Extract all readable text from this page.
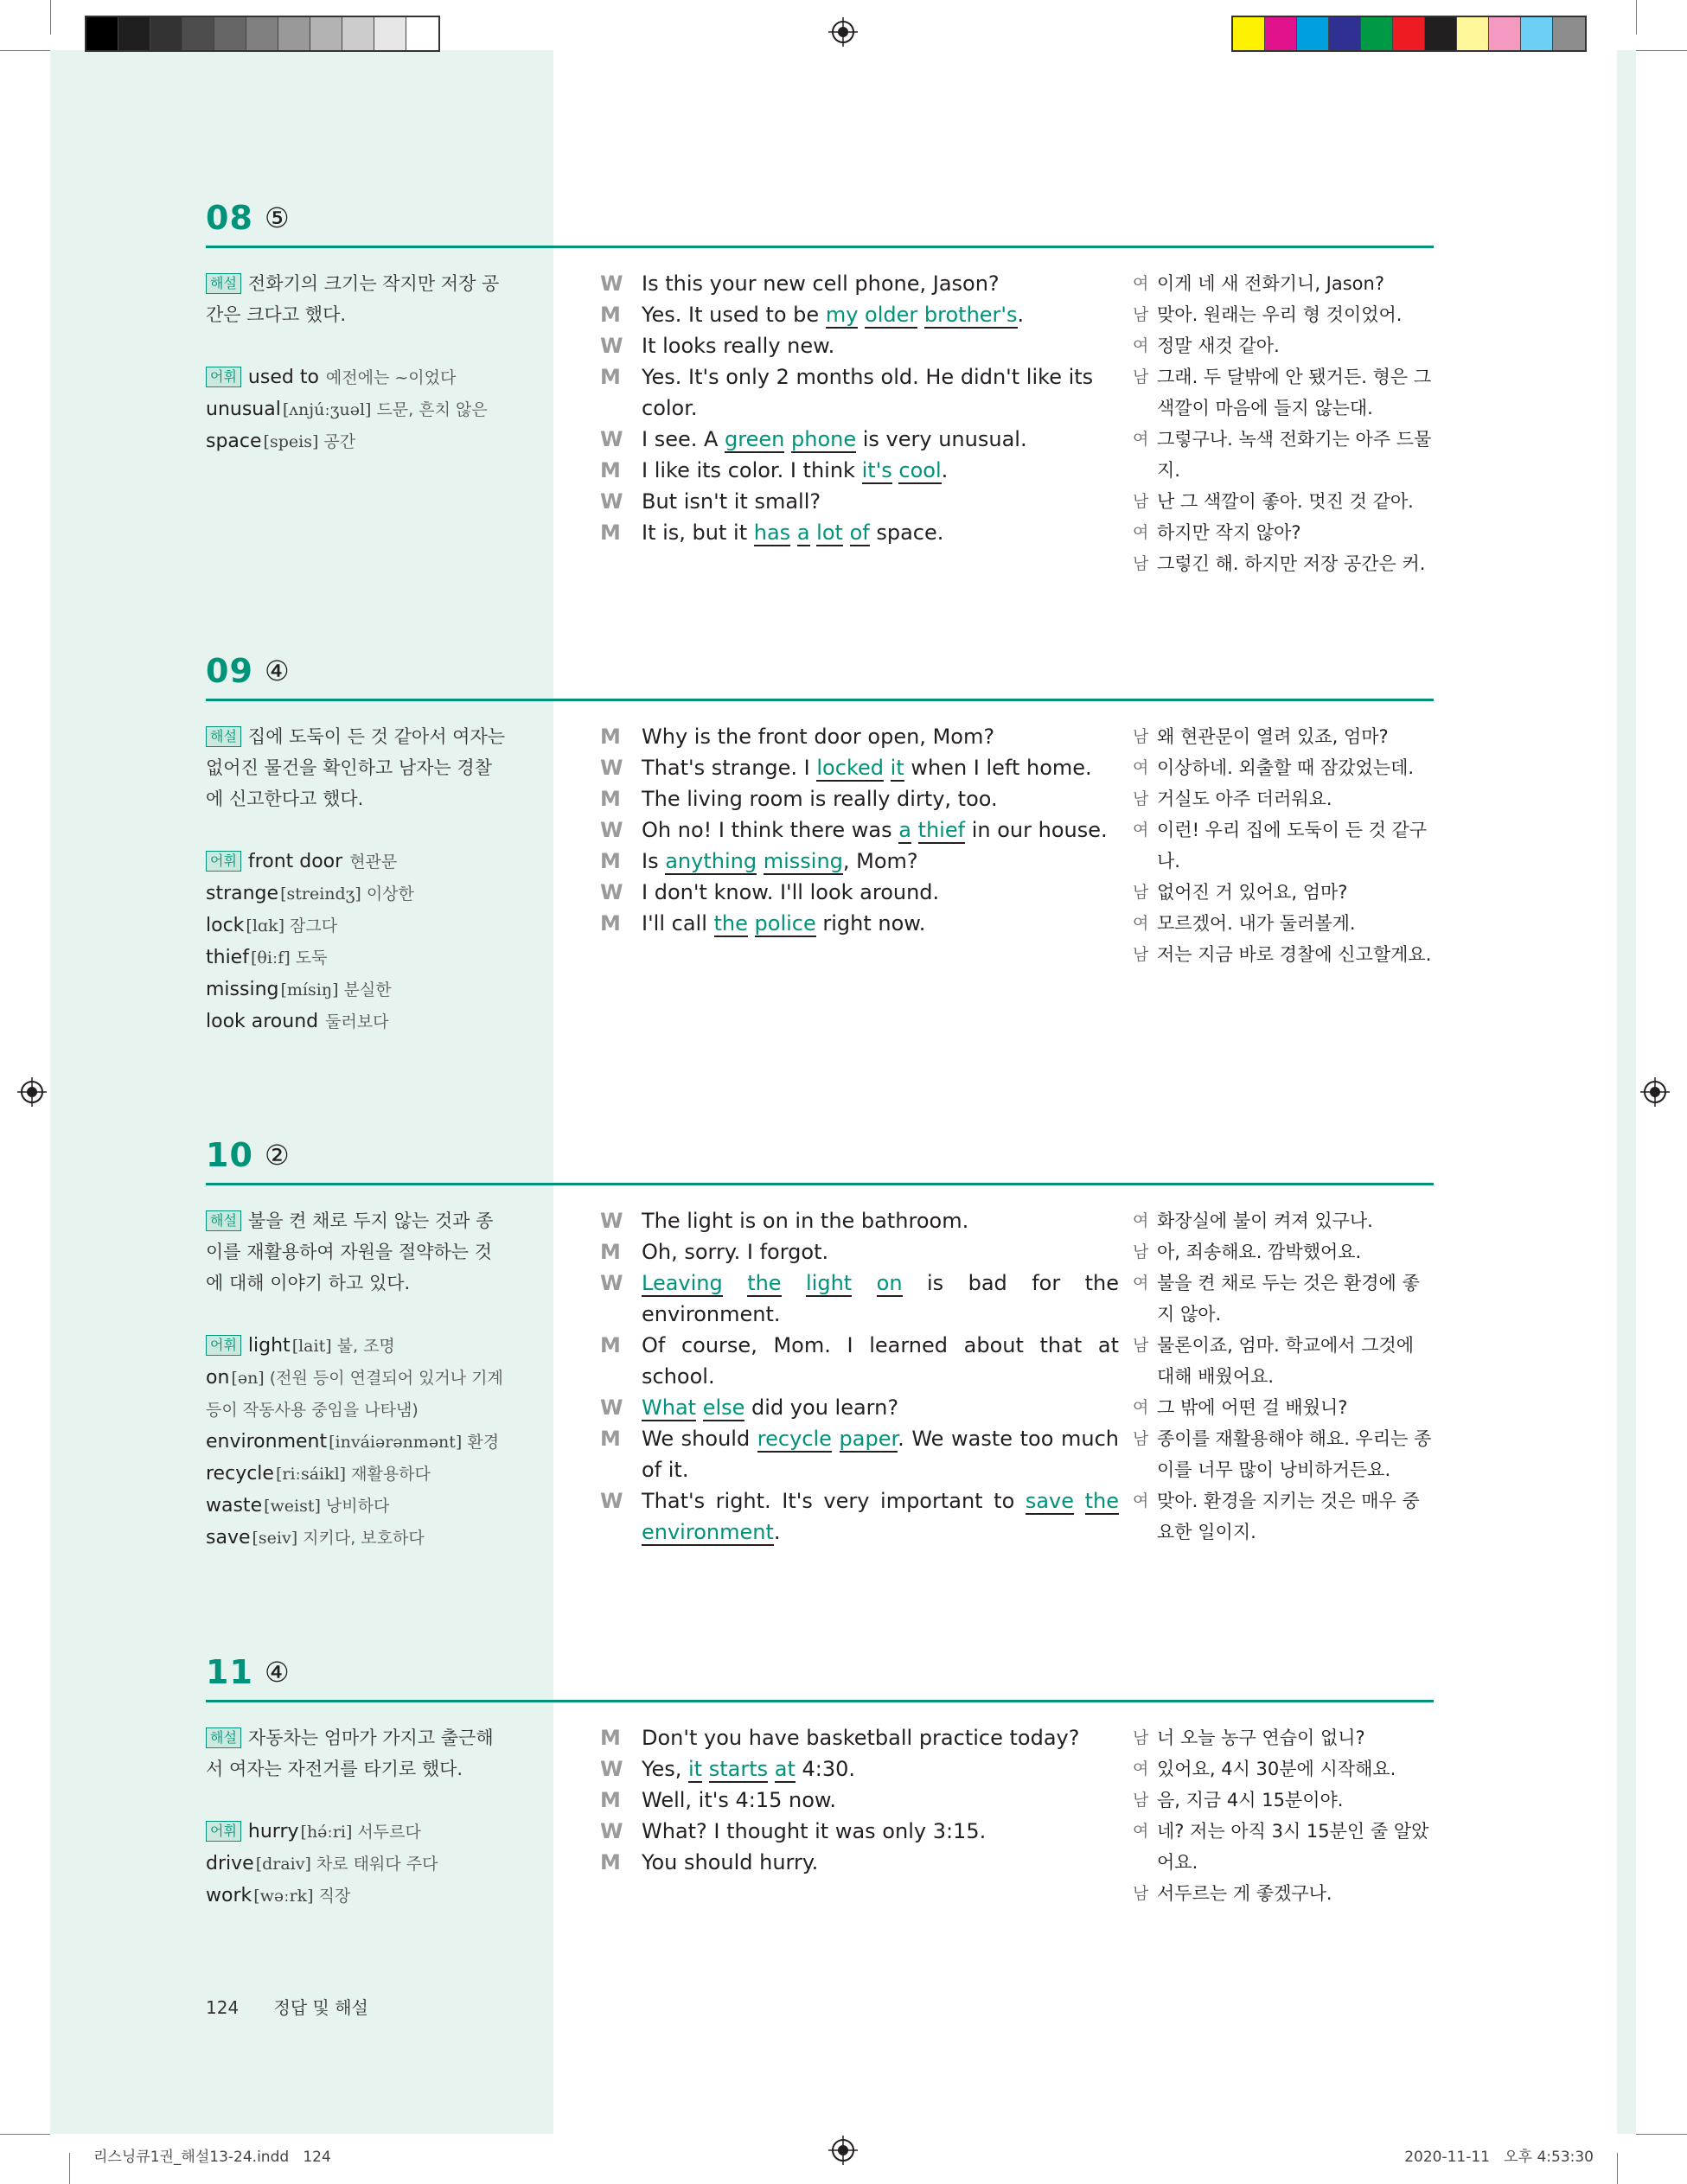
08 ⑤
해설 전화기의 크기는 작지만 저장 공간은 크다고 했다.
어휘 used to 예전에는 ~이었다
unusual [ʌnjúːʒuəl] 드문, 흔치 않은
space [speis] 공간
W Is this your new cell phone, Jason?
M Yes. It used to be my older brother's.
W It looks really new.
M Yes. It's only 2 months old. He didn't like its color.
W I see. A green phone is very unusual.
M I like its color. I think it's cool.
W But isn't it small?
M It is, but it has a lot of space.
여 이게 네 새 전화기니, Jason?
남 맞아. 원래는 우리 형 것이었어.
여 정말 새것 같아.
남 그래. 두 달밖에 안 됐거든. 형은 그 색깔이 마음에 들지 않는대.
여 그렇구나. 녹색 전화기는 아주 드물지.
남 난 그 색깔이 좋아. 멋진 것 같아.
여 하지만 작지 않아?
남 그렇긴 해. 하지만 저장 공간은 커.
09 ④
해설 집에 도둑이 든 것 같아서 여자는 없어진 물건을 확인하고 남자는 경찰에 신고한다고 했다.
어휘 front door 현관문
strange [streindʒ] 이상한
lock [lɑk] 잠그다
thief [θiːf] 도둑
missing [mísiŋ] 분실한
look around 둘러보다
M Why is the front door open, Mom?
W That's strange. I locked it when I left home.
M The living room is really dirty, too.
W Oh no! I think there was a thief in our house.
M Is anything missing, Mom?
W I don't know. I'll look around.
M I'll call the police right now.
남 왜 현관문이 열려 있죠, 엄마?
여 이상하네. 외출할 때 잠갔었는데.
남 거실도 아주 더러워요.
여 이런! 우리 집에 도둑이 든 것 같구나.
남 없어진 거 있어요, 엄마?
여 모르겠어. 내가 둘러볼게.
남 저는 지금 바로 경찰에 신고할게요.
10 ②
해설 불을 켠 채로 두지 않는 것과 종이를 재활용하여 자원을 절약하는 것에 대해 이야기 하고 있다.
어휘 light [lait] 불, 조명
on [ən] (전원 등이 연결되어 있거나 기계 등이 작동사용 중임을 나타냄)
environment [inváiərənmənt] 환경
recycle [riːsáikl] 재활용하다
waste [weist] 낭비하다
save [seiv] 지키다, 보호하다
W The light is on in the bathroom.
M Oh, sorry. I forgot.
W Leaving the light on is bad for the environment.
M Of course, Mom. I learned about that at school.
W What else did you learn?
M We should recycle paper. We waste too much of it.
W That's right. It's very important to save the environment.
여 화장실에 불이 켜져 있구나.
남 아, 죄송해요. 깜박했어요.
여 불을 켠 채로 두는 것은 환경에 좋지 않아.
남 물론이죠, 엄마. 학교에서 그것에 대해 배웠어요.
여 그 밖에 어떤 걸 배웠니?
남 종이를 재활용해야 해요. 우리는 종이를 너무 많이 낭비하거든요.
여 맞아. 환경을 지키는 것은 매우 중요한 일이지.
11 ④
해설 자동차는 엄마가 가지고 출근해서 여자는 자전거를 타기로 했다.
어휘 hurry [hə́ːri] 서두르다
drive [draiv] 차로 태워다 주다
work [wəːrk] 직장
M Don't you have basketball practice today?
W Yes, it starts at 4:30.
M Well, it's 4:15 now.
W What? I thought it was only 3:15.
M You should hurry.
남 너 오늘 농구 연습이 없니?
여 있어요, 4시 30분에 시작해요.
남 음, 지금 4시 15분이야.
여 네? 저는 아직 3시 15분인 줄 알았어요.
남 서두르는 게 좋겠구나.
124 정답 및 해설
리스닝큐1권_해설13-24.indd   124	2020-11-11   오후 4:53:30
